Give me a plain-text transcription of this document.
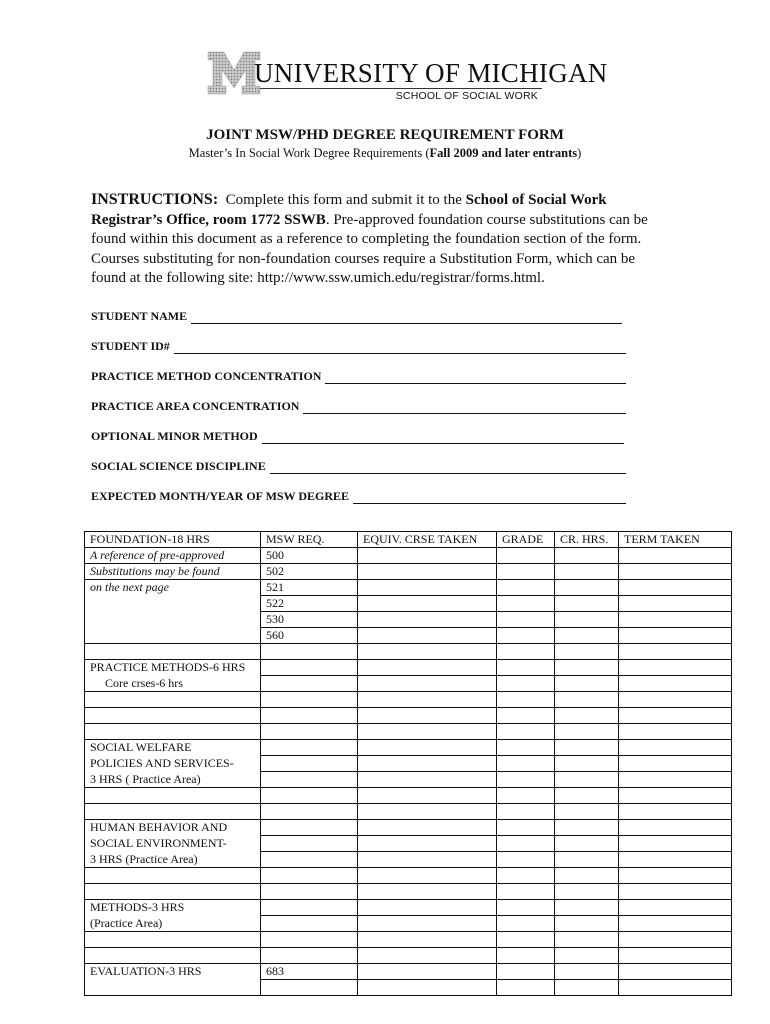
UNIVERSITY OF MICHIGAN
SCHOOL OF SOCIAL WORK
JOINT MSW/PHD DEGREE REQUIREMENT FORM
Master’s In Social Work Degree Requirements (Fall 2009 and later entrants)
INSTRUCTIONS: Complete this form and submit it to the School of Social Work Registrar’s Office, room 1772 SSWB. Pre-approved foundation course substitutions can be found within this document as a reference to completing the foundation section of the form. Courses substituting for non-foundation courses require a Substitution Form, which can be found at the following site: http://www.ssw.umich.edu/registrar/forms.html.
STUDENT NAME
STUDENT ID#
PRACTICE METHOD CONCENTRATION
PRACTICE AREA CONCENTRATION
OPTIONAL MINOR METHOD
SOCIAL SCIENCE DISCIPLINE
EXPECTED MONTH/YEAR OF MSW DEGREE
FOUNDATION-18 HRS	MSW REQ.	EQUIV. CRSE TAKEN	GRADE	CR. HRS.	TERM TAKEN
A reference of pre-approved	500				
Substitutions may be found	502				
on the next page	521				
	522				
	530				
	560				

PRACTICE METHODS-6 HRS					
Core crses-6 hrs					

SOCIAL WELFARE					
POLICIES AND SERVICES-					
3 HRS ( Practice Area)					

HUMAN BEHAVIOR AND					
SOCIAL ENVIRONMENT-					
3 HRS (Practice Area)					

METHODS-3 HRS					
(Practice Area)					

EVALUATION-3 HRS	683				
